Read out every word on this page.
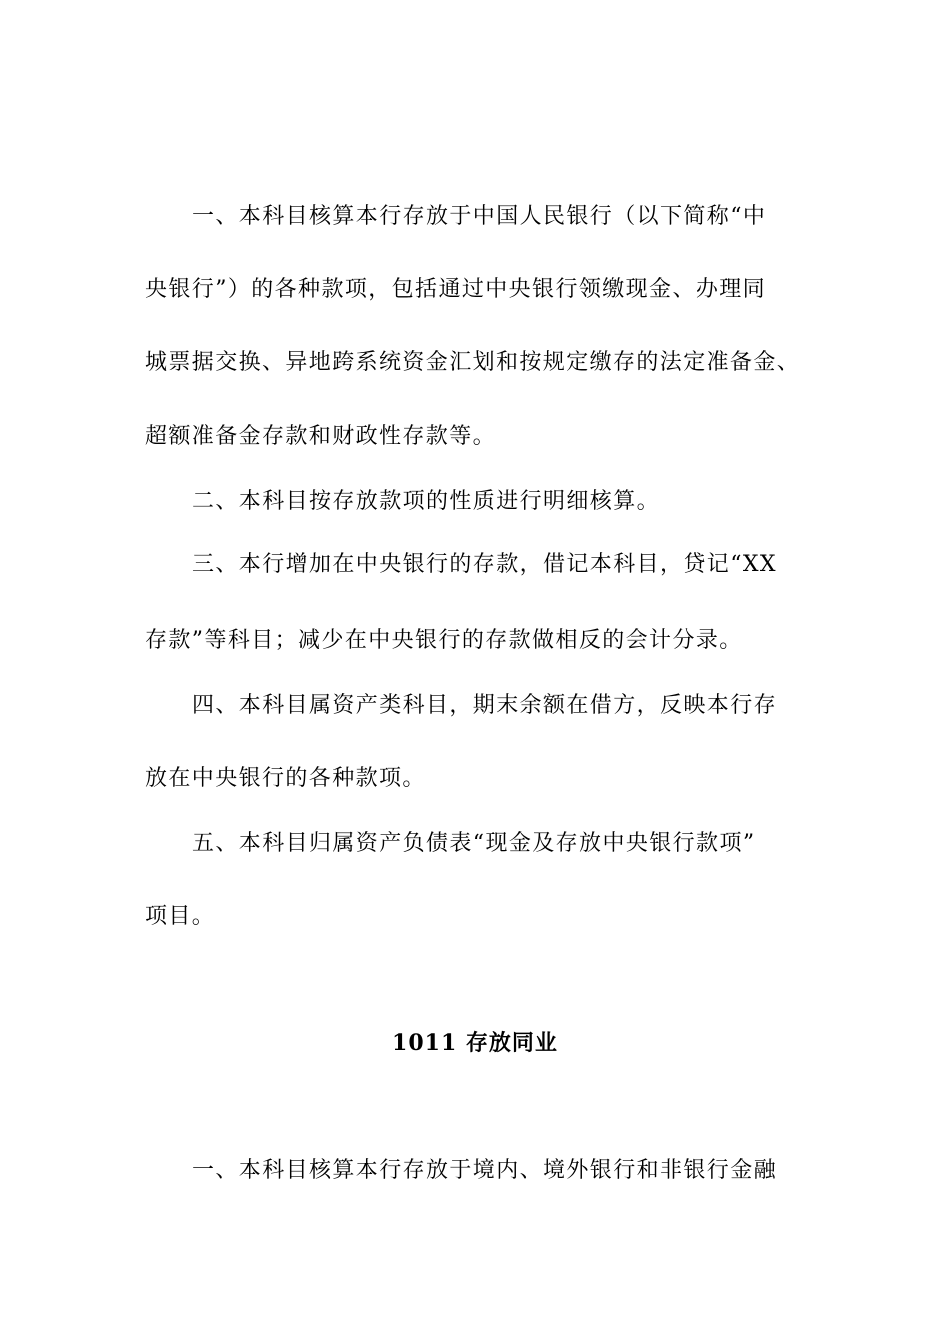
一、本科目核算本行存放于中国人民银行（以下简称“中

央银行”）的各种款项，包括通过中央银行领缴现金、办理同

城票据交换、异地跨系统资金汇划和按规定缴存的法定准备金、

超额准备金存款和财政性存款等。

二、本科目按存放款项的性质进行明细核算。

三、本行增加在中央银行的存款，借记本科目，贷记“XX

存款”等科目；减少在中央银行的存款做相反的会计分录。

四、本科目属资产类科目，期末余额在借方，反映本行存

放在中央银行的各种款项。

五、本科目归属资产负债表“现金及存放中央银行款项”

项目。

1011 存放同业

一、本科目核算本行存放于境内、境外银行和非银行金融
